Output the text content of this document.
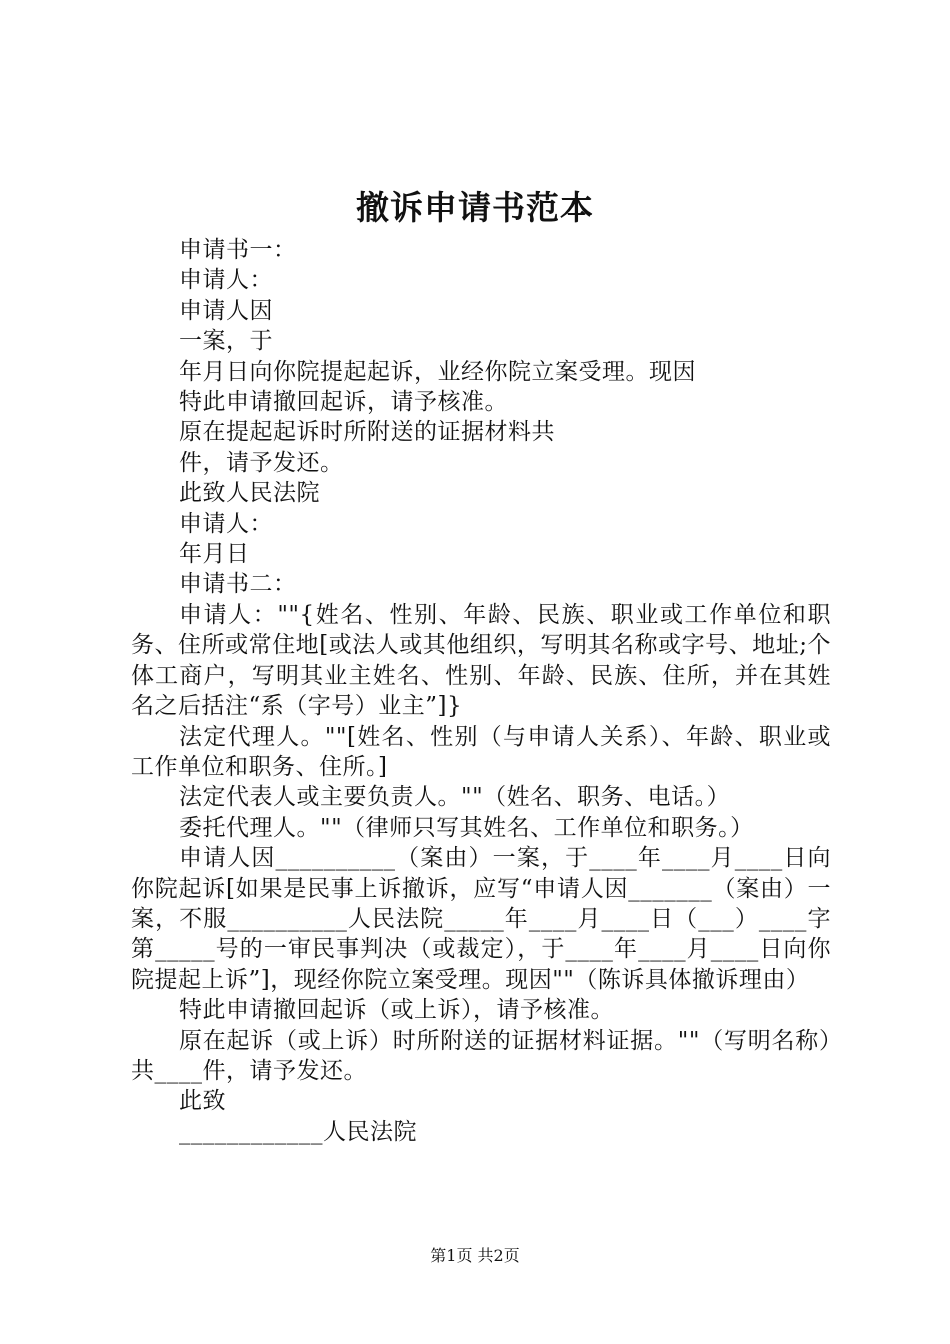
撤诉申请书范本
申请书一：
申请人：
申请人因
一案，于
年月日向你院提起起诉，业经你院立案受理。现因
特此申请撤回起诉，请予核准。
原在提起起诉时所附送的证据材料共
件，请予发还。
此致人民法院
申请人：
年月日
申请书二：
申请人：""{姓名、性别、年龄、民族、职业或工作单位和职务、住所或常住地[或法人或其他组织，写明其名称或字号、地址;个体工商户，写明其业主姓名、性别、年龄、民族、住所，并在其姓名之后括注“系（字号）业主”]}
法定代理人。""[姓名、性别（与申请人关系）、年龄、职业或工作单位和职务、住所。]
法定代表人或主要负责人。""（姓名、职务、电话。）
委托代理人。""（律师只写其姓名、工作单位和职务。）
申请人因__________（案由）一案，于____年____月____日向你院起诉[如果是民事上诉撤诉，应写“申请人因_______（案由）一案，不服__________人民法院_____年____月____日（___）____字第_____号的一审民事判决（或裁定），于____年____月____日向你院提起上诉”]，现经你院立案受理。现因""（陈诉具体撤诉理由）
特此申请撤回起诉（或上诉），请予核准。
原在起诉（或上诉）时所附送的证据材料证据。""（写明名称）共____件，请予发还。
此致
____________人民法院
第1页 共2页
